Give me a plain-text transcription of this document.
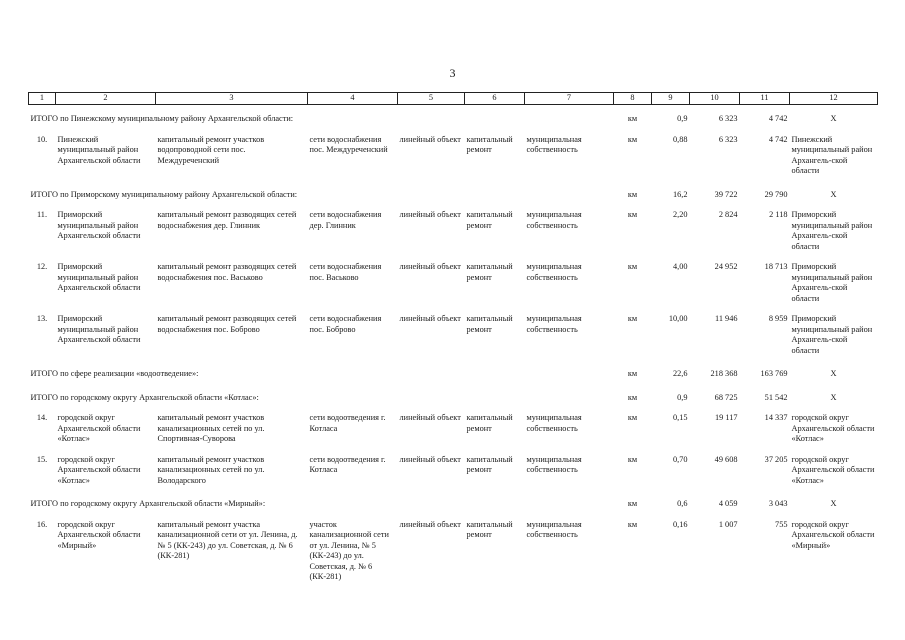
3
1	2	3	4	5	6	7	8	9	10	11	12
ИТОГО по Пинежскому муниципальному району Архангельской области:							км	0,9	6 323	4 742	X
10.	Пинежский муниципальный район Архангельской области	капитальный ремонт участков водопроводной сети пос. Междуреченский	сети водоснабжения пос. Междуреченский	линейный объект	капитальный ремонт	муниципальная собственность	км	0,88	6 323	4 742	Пинежский муниципальный район Архангель-ской области
ИТОГО по Приморскому муниципальному району Архангельской области:							км	16,2	39 722	29 790	X
11.	Приморский муниципальный район Архангельской области	капитальный ремонт разводящих сетей водоснабжения дер. Глинник	сети водоснабжения дер. Глинник	линейный объект	капитальный ремонт	муниципальная собственность	км	2,20	2 824	2 118	Приморский муниципальный район Архангель-ской области
12.	Приморский муниципальный район Архангельской области	капитальный ремонт разводящих сетей водоснабжения пос. Васьково	сети водоснабжения пос. Васьково	линейный объект	капитальный ремонт	муниципальная собственность	км	4,00	24 952	18 713	Приморский муниципальный район Архангель-ской области
13.	Приморский муниципальный район Архангельской области	капитальный ремонт разводящих сетей водоснабжения пос. Боброво	сети водоснабжения пос. Боброво	линейный объект	капитальный ремонт	муниципальная собственность	км	10,00	11 946	8 959	Приморский муниципальный район Архангель-ской области
ИТОГО по сфере реализации «водоотведение»:							км	22,6	218 368	163 769	X
ИТОГО по городскому округу Архангельской области «Котлас»:							км	0,9	68 725	51 542	X
14.	городской округ Архангельской области «Котлас»	капитальный ремонт участков канализационных сетей по ул. Спортивная-Суворова	сети водоотведения г. Котласа	линейный объект	капитальный ремонт	муниципальная собственность	км	0,15	19 117	14 337	городской округ Архангельской области «Котлас»
15.	городской округ Архангельской области «Котлас»	капитальный ремонт участков канализационных сетей по ул. Володарского	сети водоотведения г. Котласа	линейный объект	капитальный ремонт	муниципальная собственность	км	0,70	49 608	37 205	городской округ Архангельской области «Котлас»
ИТОГО по городскому округу Архангельской области «Мирный»:							км	0,6	4 059	3 043	X
16.	городской округ Архангельской области «Мирный»	капитальный ремонт участка канализационной сети от ул. Ленина, д. № 5 (КК-243) до ул. Советская, д. № 6 (КК-281)	участок канализационной сети от ул. Ленина, № 5 (КК-243) до ул. Советская, д. № 6 (КК-281)	линейный объект	капитальный ремонт	муниципальная собственность	км	0,16	1 007	755	городской округ Архангельской области «Мирный»
